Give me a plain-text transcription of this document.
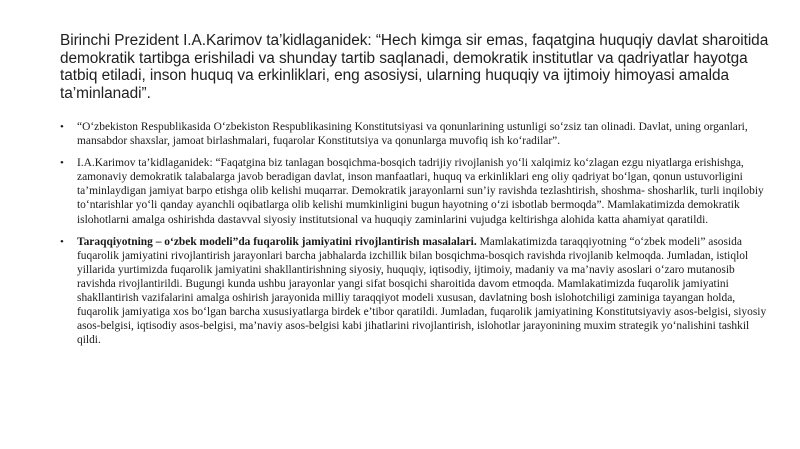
Birinchi Prezident I.A.Karimov ta’kidlaganidek: “Hech kimga sir emas, faqatgina huquqiy davlat sharoitida demokratik tartibga erishiladi va shunday tartib saqlanadi, demokratik institutlar va qadriyatlar hayotga tatbiq etiladi, inson huquq va erkinliklari, eng asosiysi, ularning huquqiy va ijtimoiy himoyasi amalda ta’minlanadi”.

• “O‘zbekiston Respublikasida O‘zbekiston Respublikasining Konstitutsiyasi va qonunlarining ustunligi so‘zsiz tan olinadi. Davlat, uning organlari, mansabdor shaxslar, jamoat birlashmalari, fuqarolar Konstitutsiya va qonunlarga muvofiq ish ko‘radilar”.
• I.A.Karimov ta’kidlaganidek: “Faqatgina biz tanlagan bosqichma-bosqich tadrijiy rivojlanish yo‘li xalqimiz ko‘zlagan ezgu niyatlarga erishishga, zamonaviy demokratik talabalarga javob beradigan davlat, inson manfaatlari, huquq va erkinliklari eng oliy qadriyat bo‘lgan, qonun ustuvorligini ta’minlaydigan jamiyat barpo etishga olib kelishi muqarrar. Demokratik jarayonlarni sun’iy ravishda tezlashtirish, shoshma- shosharlik, turli inqilobiy to‘ntarishlar yo‘li qanday ayanchli oqibatlarga olib kelishi mumkinligini bugun hayotning o‘zi isbotlab bermoqda”. Mamlakatimizda demokratik islohotlarni amalga oshirishda dastavval siyosiy institutsional va huquqiy zaminlarini vujudga keltirishga alohida katta ahamiyat qaratildi.
• Taraqqiyotning – o‘zbek modeli”da fuqarolik jamiyatini rivojlantirish masalalari. Mamlakatimizda taraqqiyotning “o‘zbek modeli” asosida fuqarolik jamiyatini rivojlantirish jarayonlari barcha jabhalarda izchillik bilan bosqichma-bosqich ravishda rivojlanib kelmoqda. Jumladan, istiqlol yillarida yurtimizda fuqarolik jamiyatini shakllantirishning siyosiy, huquqiy, iqtisodiy, ijtimoiy, madaniy va ma’naviy asoslari o‘zaro mutanosib ravishda rivojlantirildi. Bugungi kunda ushbu jarayonlar yangi sifat bosqichi sharoitida davom etmoqda. Mamlakatimizda fuqarolik jamiyatini shakllantirish vazifalarini amalga oshirish jarayonida milliy taraqqiyot modeli xususan, davlatning bosh islohotchiligi zaminiga tayangan holda, fuqarolik jamiyatiga xos bo‘lgan barcha xususiyatlarga birdek e’tibor qaratildi. Jumladan, fuqarolik jamiyatining Konstitutsiyaviy asos-belgisi, siyosiy asos-belgisi, iqtisodiy asos-belgisi, ma’naviy asos-belgisi kabi jihatlarini rivojlantirish, islohotlar jarayonining muxim strategik yo‘nalishini tashkil qildi.
